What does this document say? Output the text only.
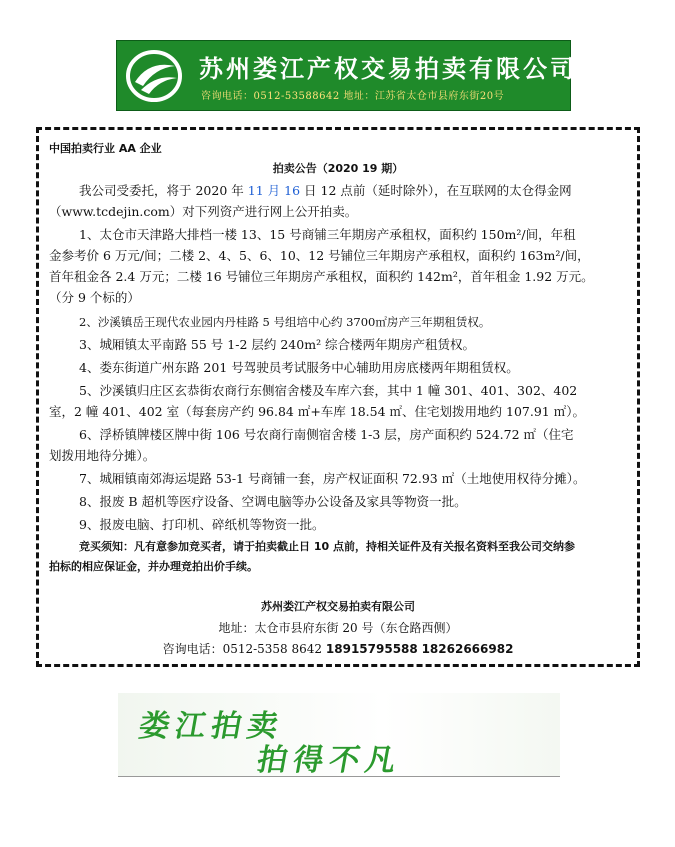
苏州娄江产权交易拍卖有限公司
咨询电话：0512-53588642 地址：江苏省太仓市县府东街20号
中国拍卖行业 AA 企业
拍卖公告（2020 19 期）
我公司受委托，将于 2020 年 11 月 16 日 12 点前（延时除外），在互联网的太仓得金网
（www.tcdejin.com）对下列资产进行网上公开拍卖。
1、太仓市天津路大排档一楼 13、15 号商铺三年期房产承租权，面积约 150m²/间，年租
金参考价 6 万元/间；二楼 2、4、5、6、10、12 号铺位三年期房产承租权，面积约 163m²/间，
首年租金各 2.4 万元；二楼 16 号铺位三年期房产承租权，面积约 142m²，首年租金 1.92 万元。
（分 9 个标的）
2、沙溪镇岳王现代农业园内丹桂路 5 号组培中心约 3700㎡房产三年期租赁权。
3、城厢镇太平南路 55 号 1-2 层约 240m² 综合楼两年期房产租赁权。
4、娄东街道广州东路 201 号驾驶员考试服务中心辅助用房底楼两年期租赁权。
5、沙溪镇归庄区玄恭街农商行东侧宿舍楼及车库六套，其中 1 幢 301、401、302、402
室，2 幢 401、402 室（每套房产约 96.84 ㎡+车库 18.54 ㎡、住宅划拨用地约 107.91 ㎡）。
6、浮桥镇牌楼区牌中街 106 号农商行南侧宿舍楼 1-3 层，房产面积约 524.72 ㎡（住宅
划拨用地待分摊）。
7、城厢镇南郊海运堤路 53-1 号商铺一套，房产权证面积 72.93 ㎡（土地使用权待分摊）。
8、报废 B 超机等医疗设备、空调电脑等办公设备及家具等物资一批。
9、报废电脑、打印机、碎纸机等物资一批。
竞买须知：凡有意参加竞买者，请于拍卖截止日 10 点前，持相关证件及有关报名资料至我公司交纳参
拍标的相应保证金，并办理竞拍出价手续。
苏州娄江产权交易拍卖有限公司
地址：太仓市县府东街 20 号（东仓路西侧）
咨询电话：0512-5358 8642 18915795588 18262666982
娄江拍卖
拍得不凡
